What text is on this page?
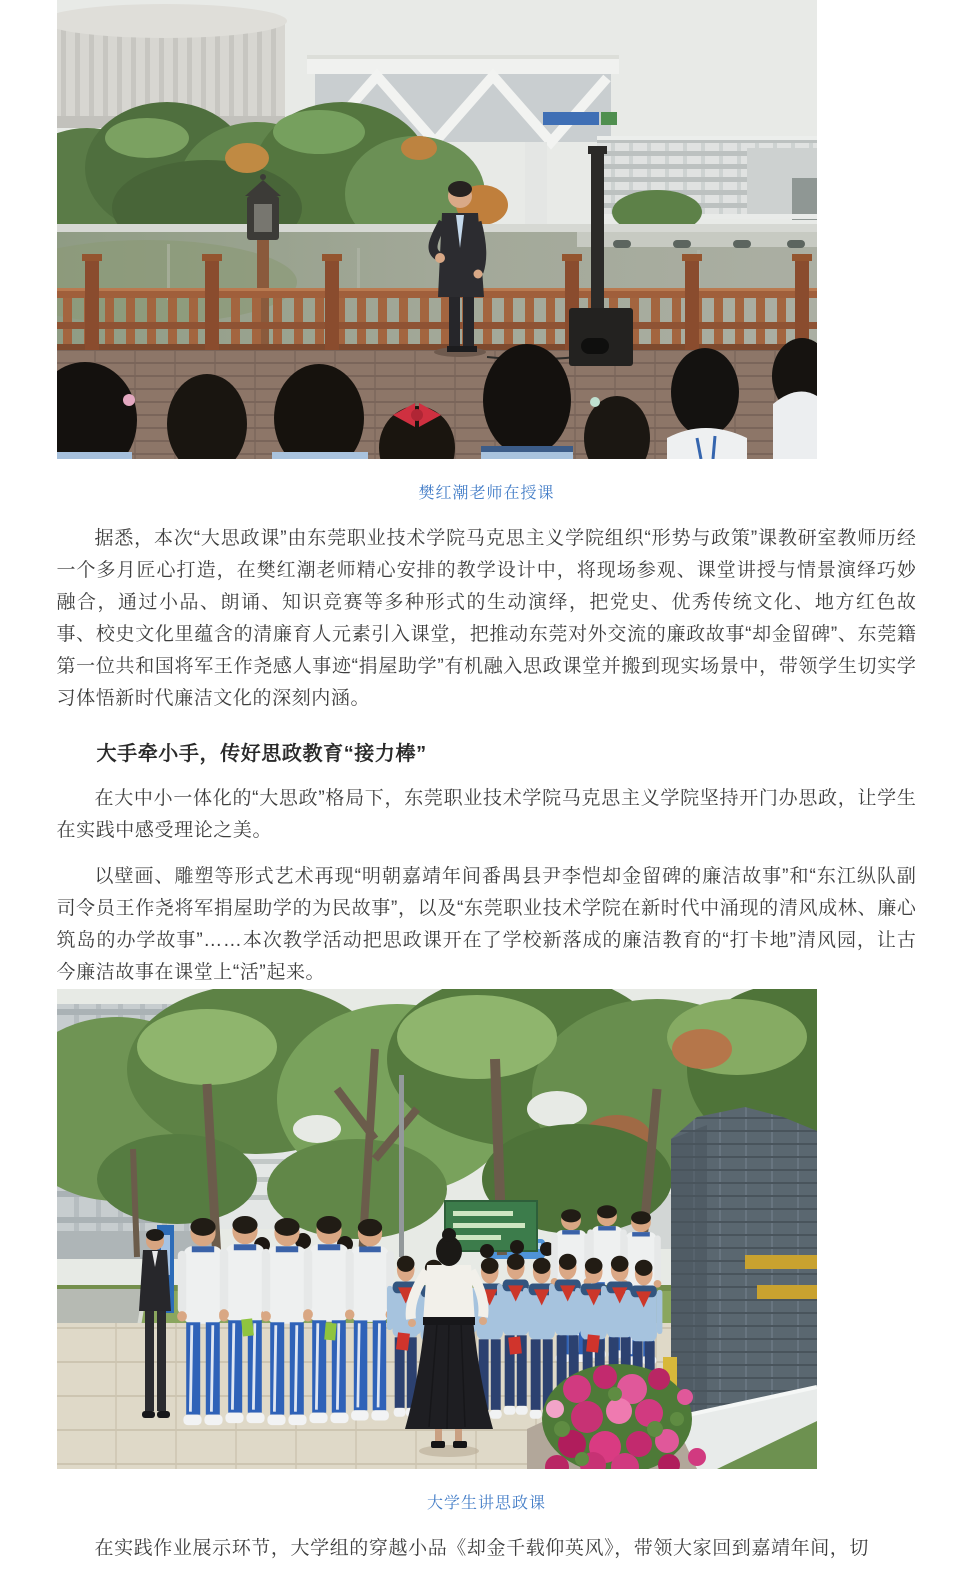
樊红潮老师在授课

据悉，本次“大思政课”由东莞职业技术学院马克思主义学院组织“形势与政策”课教研室教师历经一个多月匠心打造，在樊红潮老师精心安排的教学设计中，将现场参观、课堂讲授与情景演绎巧妙融合，通过小品、朗诵、知识竞赛等多种形式的生动演绎，把党史、优秀传统文化、地方红色故事、校史文化里蕴含的清廉育人元素引入课堂，把推动东莞对外交流的廉政故事“却金留碑”、东莞籍第一位共和国将军王作尧感人事迹“捐屋助学”有机融入思政课堂并搬到现实场景中，带领学生切实学习体悟新时代廉洁文化的深刻内涵。

大手牵小手，传好思政教育“接力棒”

在大中小一体化的“大思政”格局下，东莞职业技术学院马克思主义学院坚持开门办思政，让学生在实践中感受理论之美。

以壁画、雕塑等形式艺术再现“明朝嘉靖年间番禺县尹李恺却金留碑的廉洁故事”和“东江纵队副司令员王作尧将军捐屋助学的为民故事”，以及“东莞职业技术学院在新时代中涌现的清风成林、廉心筑岛的办学故事”……本次教学活动把思政课开在了学校新落成的廉洁教育的“打卡地”清风园，让古今廉洁故事在课堂上“活”起来。

大学生讲思政课

在实践作业展示环节，大学组的穿越小品《却金千载仰英风》，带领大家回到嘉靖年间，切
